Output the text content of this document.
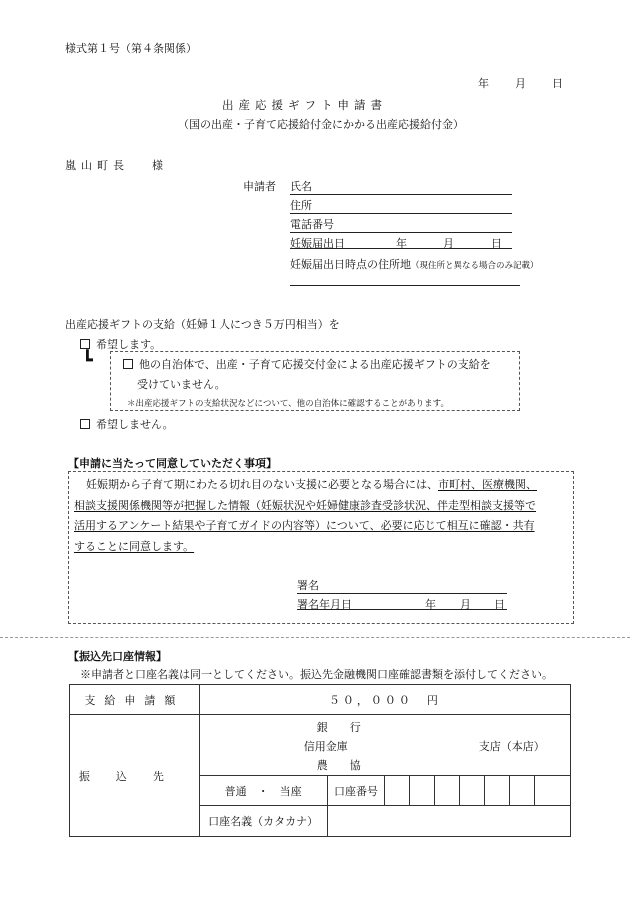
様式第１号（第４条関係）
年 月 日
出産応援ギフト申請書
（国の出産・子育て応援給付金にかかる出産応援給付金）
嵐山町長 様
申請者 氏名
住所
電話番号
妊娠届出日	年	月	日
妊娠届出日時点の住所地（現住所と異なる場合のみ記載）
出産応援ギフトの支給（妊婦１人につき５万円相当）を
希望します。
┗	他の自治体で、出産・子育て応援交付金による出産応援ギフトの支給を
受けていません。
＊出産応援ギフトの支給状況などについて、他の自治体に確認することがあります。
希望しません。
【申請に当たって同意していただく事項】
妊娠期から子育て期にわたる切れ目のない支援に必要となる場合には、市町村、医療機関、
相談支援関係機関等が把握した情報（妊娠状況や妊婦健康診査受診状況、伴走型相談支援等で
活用するアンケート結果や子育てガイドの内容等）について、必要に応じて相互に確認・共有
することに同意します。
署名
署名年月日	年 月 日
【振込先口座情報】
※申請者と口座名義は同一としてください。振込先金融機関口座確認書類を添付してください。
支給申請額	５０，０００　円								
振込先	銀　　行
信用金庫
農　　協
支店（本店）								

	普通　・　当座	口座番号							
	口座名義（カタカナ）								
